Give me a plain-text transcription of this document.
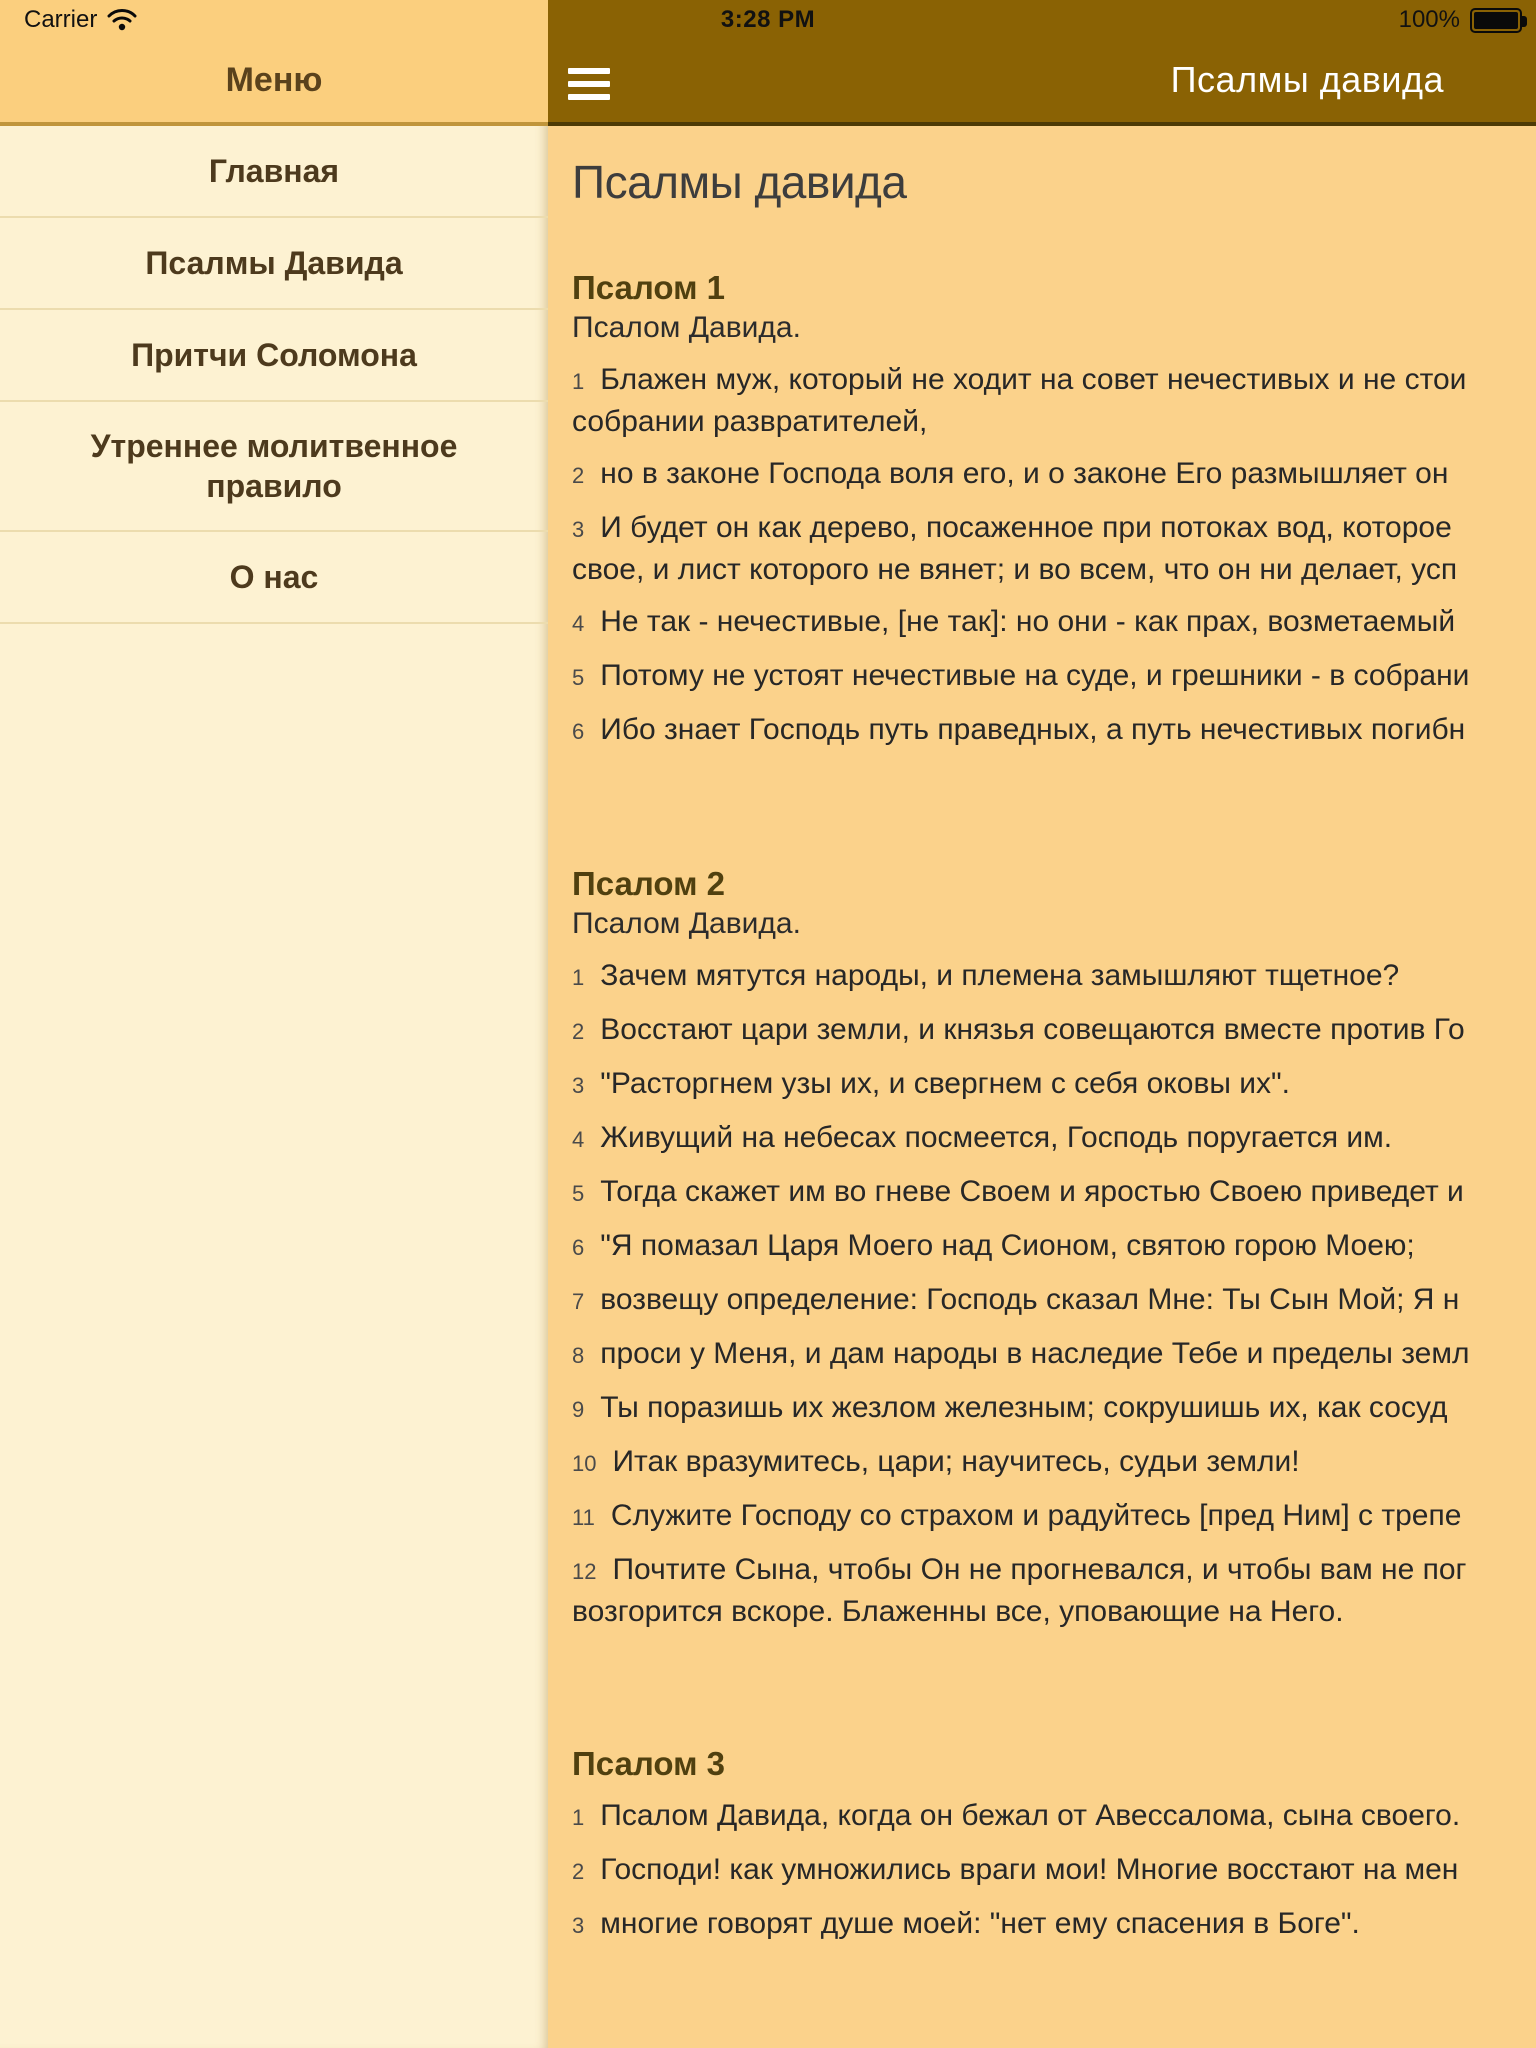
Меню
Главная
Псалмы Давида
Притчи Соломона
Утреннее молитвенное правило
О нас
Псалмы давида
Псалмы давида
Псалом 1
Псалом Давида.

1 Блажен муж, который не ходит на совет нечестивых и не стои
собрании развратителей,

2 но в законе Господа воля его, и о законе Его размышляет он

3 И будет он как дерево, посаженное при потоках вод, которое
свое, и лист которого не вянет; и во всем, что он ни делает, усп

4 Не так - нечестивые, [не так]: но они - как прах, возметаемый

5 Потому не устоят нечестивые на суде, и грешники - в собрани

6 Ибо знает Господь путь праведных, а путь нечестивых погибн

Псалом 2
Псалом Давида.

1 Зачем мятутся народы, и племена замышляют тщетное?

2 Восстают цари земли, и князья совещаются вместе против Го

3 "Расторгнем узы их, и свергнем с себя оковы их".

4 Живущий на небесах посмеется, Господь поругается им.

5 Тогда скажет им во гневе Своем и яростью Своею приведет и

6 "Я помазал Царя Моего над Сионом, святою горою Моею;

7 возвещу определение: Господь сказал Мне: Ты Сын Мой; Я н

8 проси у Меня, и дам народы в наследие Тебе и пределы земл

9 Ты поразишь их жезлом железным; сокрушишь их, как сосуд

10 Итак вразумитесь, цари; научитесь, судьи земли!

11 Служите Господу со страхом и радуйтесь [пред Ним] с трепе

12 Почтите Сына, чтобы Он не прогневался, и чтобы вам не пог
возгорится вскоре. Блаженны все, уповающие на Него.

Псалом 3

1 Псалом Давида, когда он бежал от Авессалома, сына своего.

2 Господи! как умножились враги мои! Многие восстают на мен

3 многие говорят душе моей: "нет ему спасения в Боге".

Carrier	3:28 PM	100%
